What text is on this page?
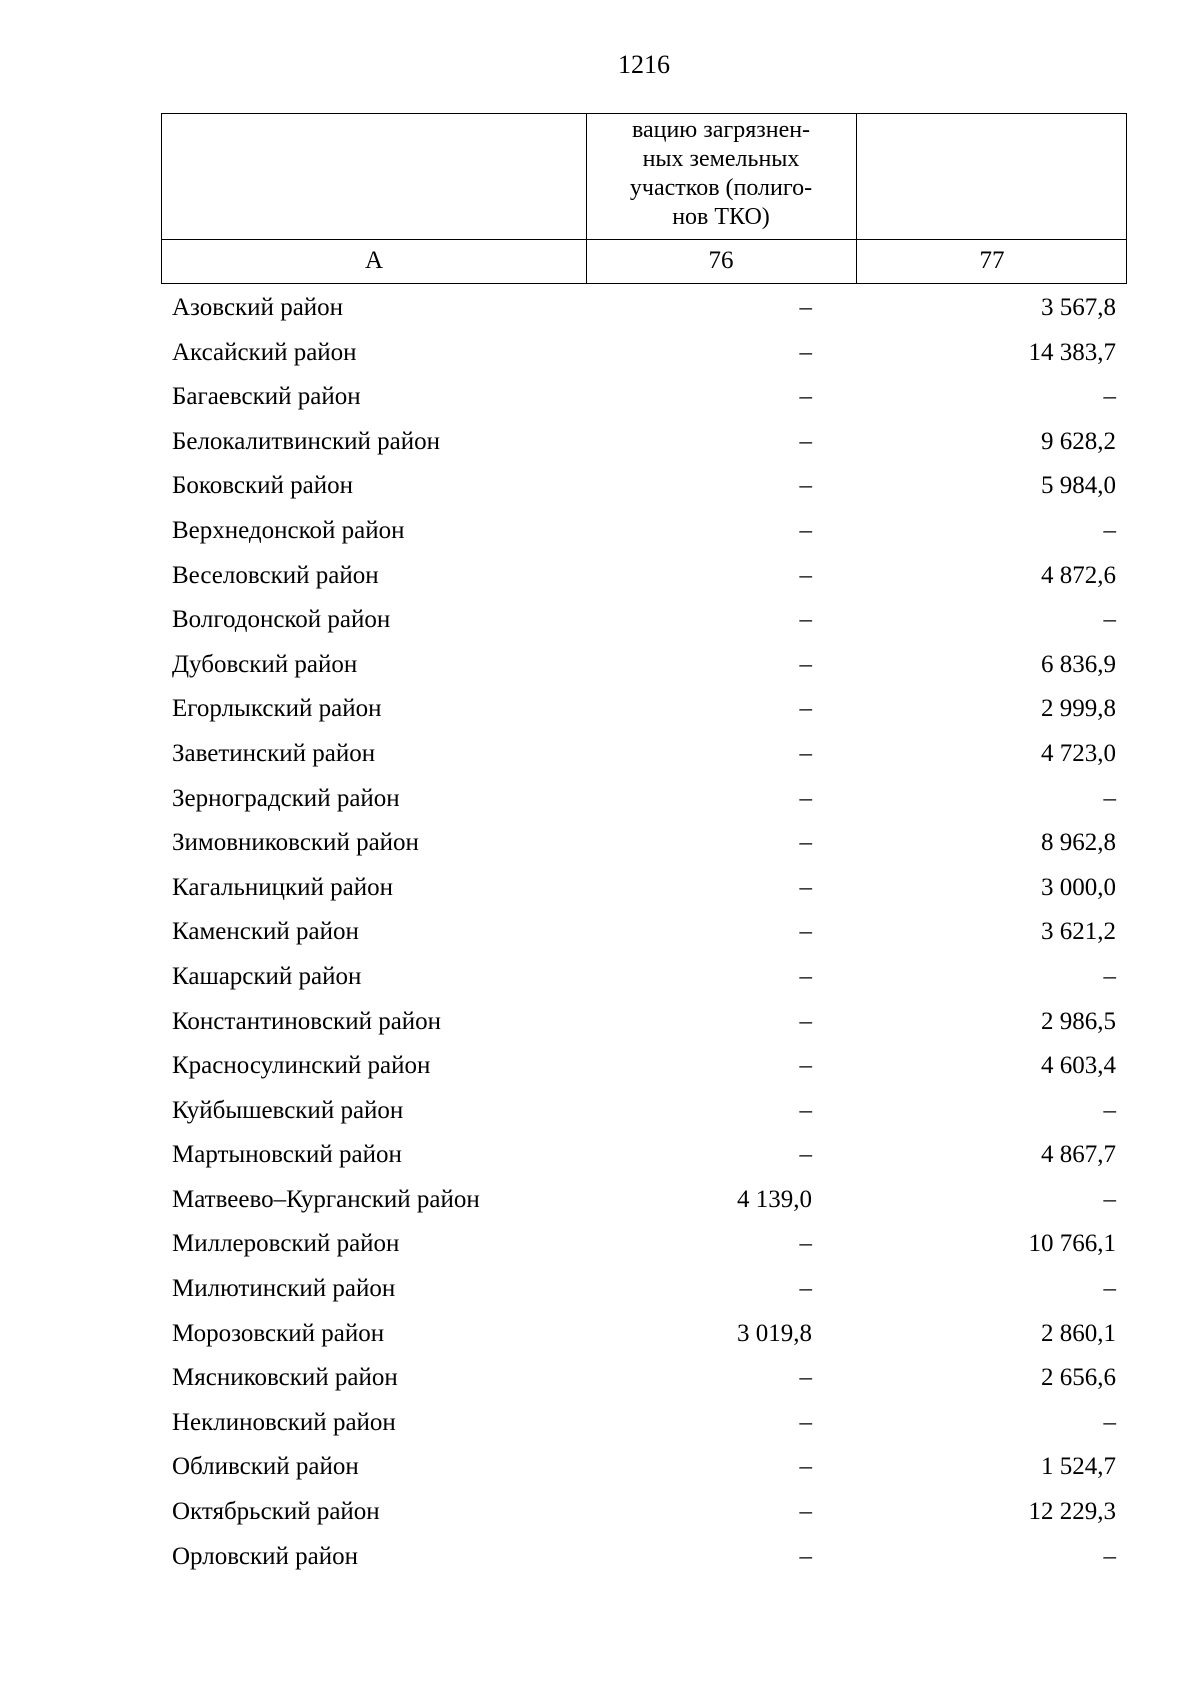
1216
вацию загрязнен-
ных земельных
участков (полиго-
нов ТКО)
А	76	77
Азовский район	–	3 567,8
Аксайский район	–	14 383,7
Багаевский район	–	–
Белокалитвинский район	–	9 628,2
Боковский район	–	5 984,0
Верхнедонской район	–	–
Веселовский район	–	4 872,6
Волгодонской район	–	–
Дубовский район	–	6 836,9
Егорлыкский район	–	2 999,8
Заветинский район	–	4 723,0
Зерноградский район	–	–
Зимовниковский район	–	8 962,8
Кагальницкий район	–	3 000,0
Каменский район	–	3 621,2
Кашарский район	–	–
Константиновский район	–	2 986,5
Красносулинский район	–	4 603,4
Куйбышевский район	–	–
Мартыновский район	–	4 867,7
Матвеево–Курганский район	4 139,0	–
Миллеровский район	–	10 766,1
Милютинский район	–	–
Морозовский район	3 019,8	2 860,1
Мясниковский район	–	2 656,6
Неклиновский район	–	–
Обливский район	–	1 524,7
Октябрьский район	–	12 229,3
Орловский район	–	–
